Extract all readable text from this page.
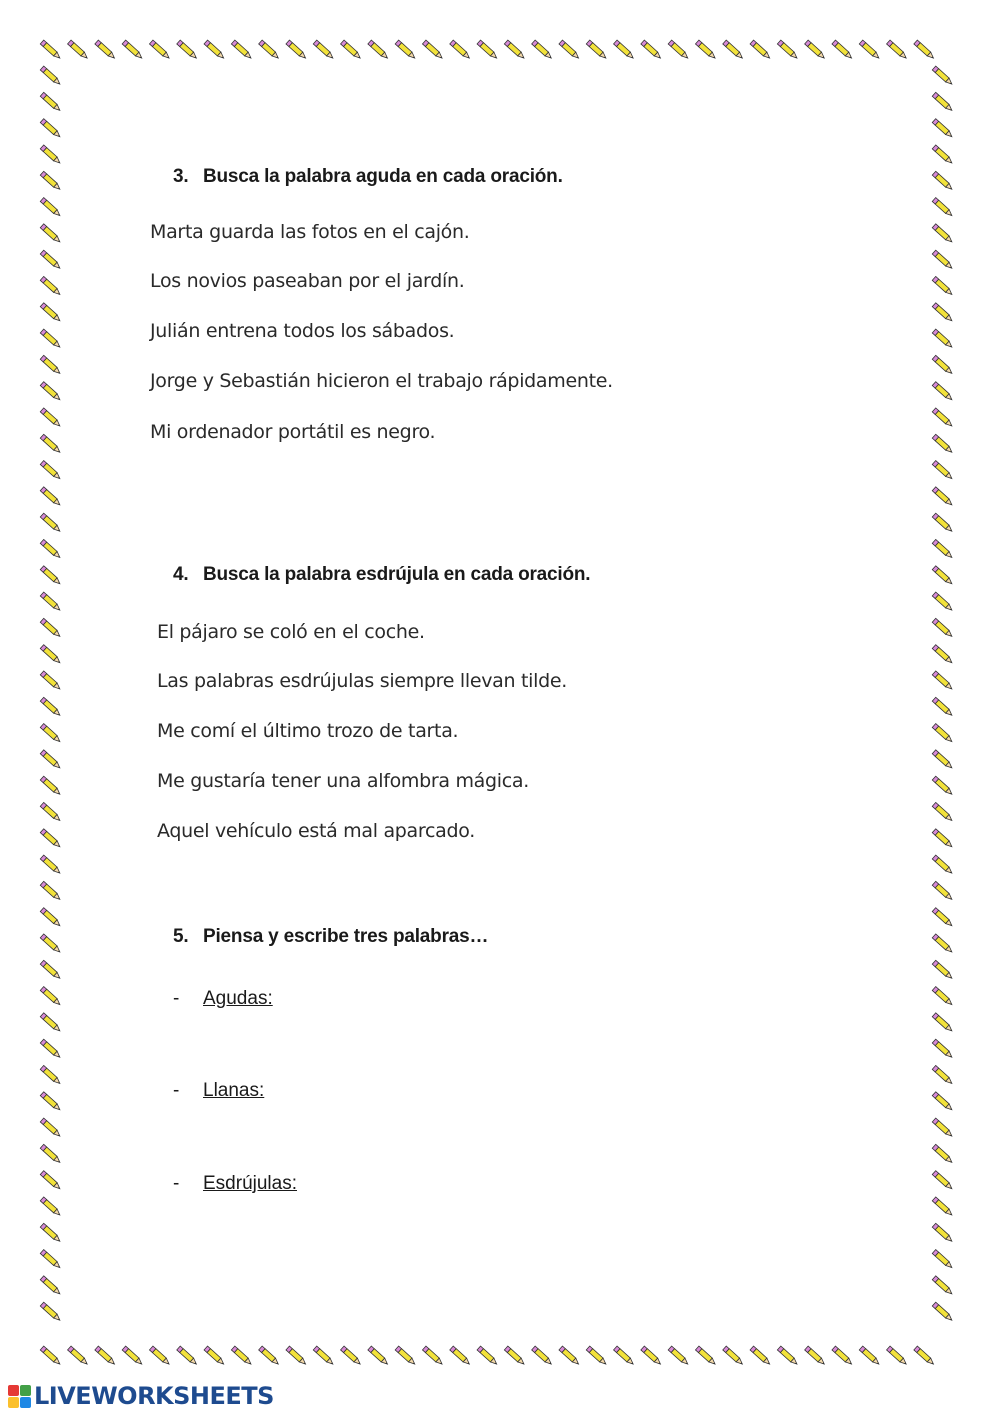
3. Busca la palabra aguda en cada oración.
Marta guarda las fotos en el cajón.
Los novios paseaban por el jardín.
Julián entrena todos los sábados.
Jorge y Sebastián hicieron el trabajo rápidamente.
Mi ordenador portátil es negro.
4. Busca la palabra esdrújula en cada oración.
El pájaro se coló en el coche.
Las palabras esdrújulas siempre llevan tilde.
Me comí el último trozo de tarta.
Me gustaría tener una alfombra mágica.
Aquel vehículo está mal aparcado.
5. Piensa y escribe tres palabras…
- Agudas:
- Llanas:
- Esdrújulas:
LIVEWORKSHEETS
